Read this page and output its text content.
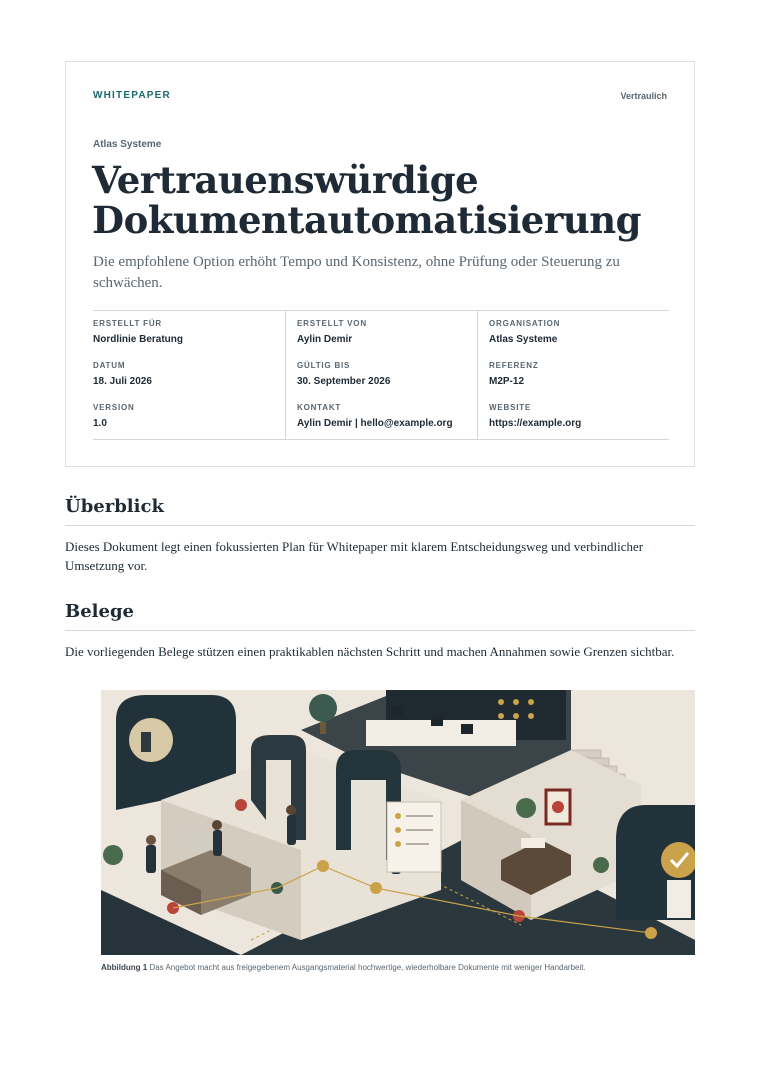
WHITEPAPER	Vertraulich
Atlas Systeme
Vertrauenswürdige Dokumentautomatisierung

Die empfohlene Option erhöht Tempo und Konsistenz, ohne Prüfung oder Steuerung zu schwächen.

ERSTELLT FÜR
Nordlinie Beratung
DATUM
18. Juli 2026
VERSION
1.0
ERSTELLT VON
Aylin Demir
GÜLTIG BIS
30. September 2026
KONTAKT
Aylin Demir | hello@example.org
ORGANISATION
Atlas Systeme
REFERENZ
M2P-12
WEBSITE
https://example.org
Überblick

Dieses Dokument legt einen fokussierten Plan für Whitepaper mit klarem Entscheidungsweg und verbindlicher Umsetzung vor.

Belege

Die vorliegenden Belege stützen einen praktikablen nächsten Schritt und machen Annahmen sowie Grenzen sichtbar.

Abbildung 1 Das Angebot macht aus freigegebenem Ausgangsmaterial hochwertige, wiederholbare Dokumente mit weniger Handarbeit.
